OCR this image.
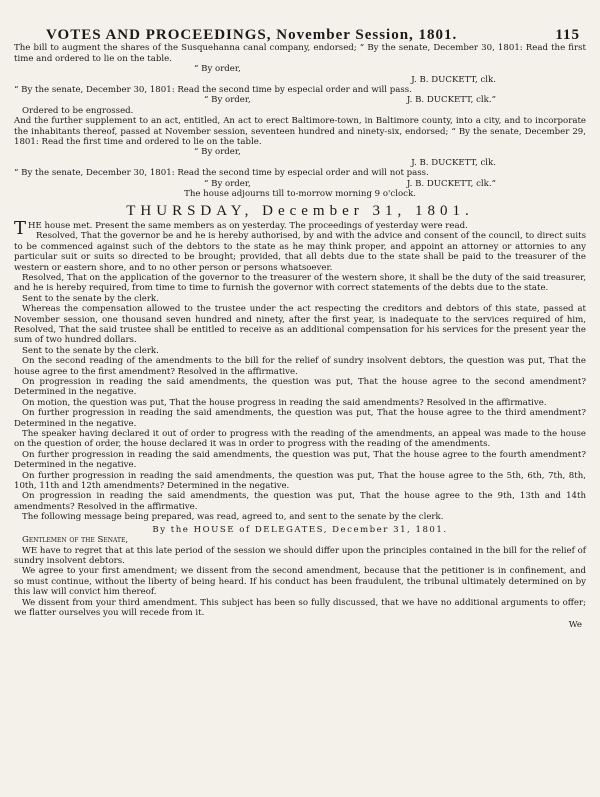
VOTES AND PROCEEDINGS, November Session, 1801.	115

The bill to augment the shares of the Susquehanna canal company, endorsed; “ By the senate, December 30, 1801: Read the first time and ordered to lie on the table.

“ By order,

J. B. DUCKETT, clk.

“ By the senate, December 30, 1801: Read the second time by especial order and will pass.

“ By order,	J. B. DUCKETT, clk.”

Ordered to be engrossed.

And the further supplement to an act, entitled, An act to erect Baltimore-town, in Baltimore county, into a city, and to incorporate the inhabitants thereof, passed at November session, seventeen hundred and ninety-six, endorsed; “ By the senate, December 29, 1801: Read the first time and ordered to lie on the table.

“ By order,

J. B. DUCKETT, clk.

“ By the senate, December 30, 1801: Read the second time by especial order and will not pass.

“ By order,	J. B. DUCKETT, clk.”

The house adjourns till to-morrow morning 9 o'clock.

THURSDAY, December 31, 1801.

THE house met. Present the same members as on yesterday. The proceedings of yesterday were read.

Resolved, That the governor be and he is hereby authorised, by and with the advice and consent of the council, to direct suits to be commenced against such of the debtors to the state as he may think proper, and appoint an attorney or attornies to any particular suit or suits so directed to be brought; provided, that all debts due to the state shall be paid to the treasurer of the western or eastern shore, and to no other person or persons whatsoever.

Resolved, That on the application of the governor to the treasurer of the western shore, it shall be the duty of the said treasurer, and he is hereby required, from time to time to furnish the governor with correct statements of the debts due to the state.

Sent to the senate by the clerk.

Whereas the compensation allowed to the trustee under the act respecting the creditors and debtors of this state, passed at November session, one thousand seven hundred and ninety, after the first year, is inadequate to the services required of him, Resolved, That the said trustee shall be entitled to receive as an additional compensation for his services for the present year the sum of two hundred dollars.

Sent to the senate by the clerk.

On the second reading of the amendments to the bill for the relief of sundry insolvent debtors, the question was put, That the house agree to the first amendment? Resolved in the affirmative.

On progression in reading the said amendments, the question was put, That the house agree to the second amendment? Determined in the negative.

On motion, the question was put, That the house progress in reading the said amendments? Resolved in the affirmative.

On further progression in reading the said amendments, the question was put, That the house agree to the third amendment? Determined in the negative.

The speaker having declared it out of order to progress with the reading of the amendments, an appeal was made to the house on the question of order, the house declared it was in order to progress with the reading of the amendments.

On further progression in reading the said amendments, the question was put, That the house agree to the fourth amendment? Determined in the negative.

On further progression in reading the said amendments, the question was put, That the house agree to the 5th, 6th, 7th, 8th, 10th, 11th and 12th amendments? Determined in the negative.

On progression in reading the said amendments, the question was put, That the house agree to the 9th, 13th and 14th amendments? Resolved in the affirmative.

The following message being prepared, was read, agreed to, and sent to the senate by the clerk.

By the HOUSE of DELEGATES, December 31, 1801.

Gentlemen of the Senate,

WE have to regret that at this late period of the session we should differ upon the principles contained in the bill for the relief of sundry insolvent debtors.

We agree to your first amendment; we dissent from the second amendment, because that the petitioner is in confinement, and so must continue, without the liberty of being heard. If his conduct has been fraudulent, the tribunal ultimately determined on by this law will convict him thereof.

We dissent from your third amendment. This subject has been so fully discussed, that we have no additional arguments to offer; we flatter ourselves you will recede from it.

We
